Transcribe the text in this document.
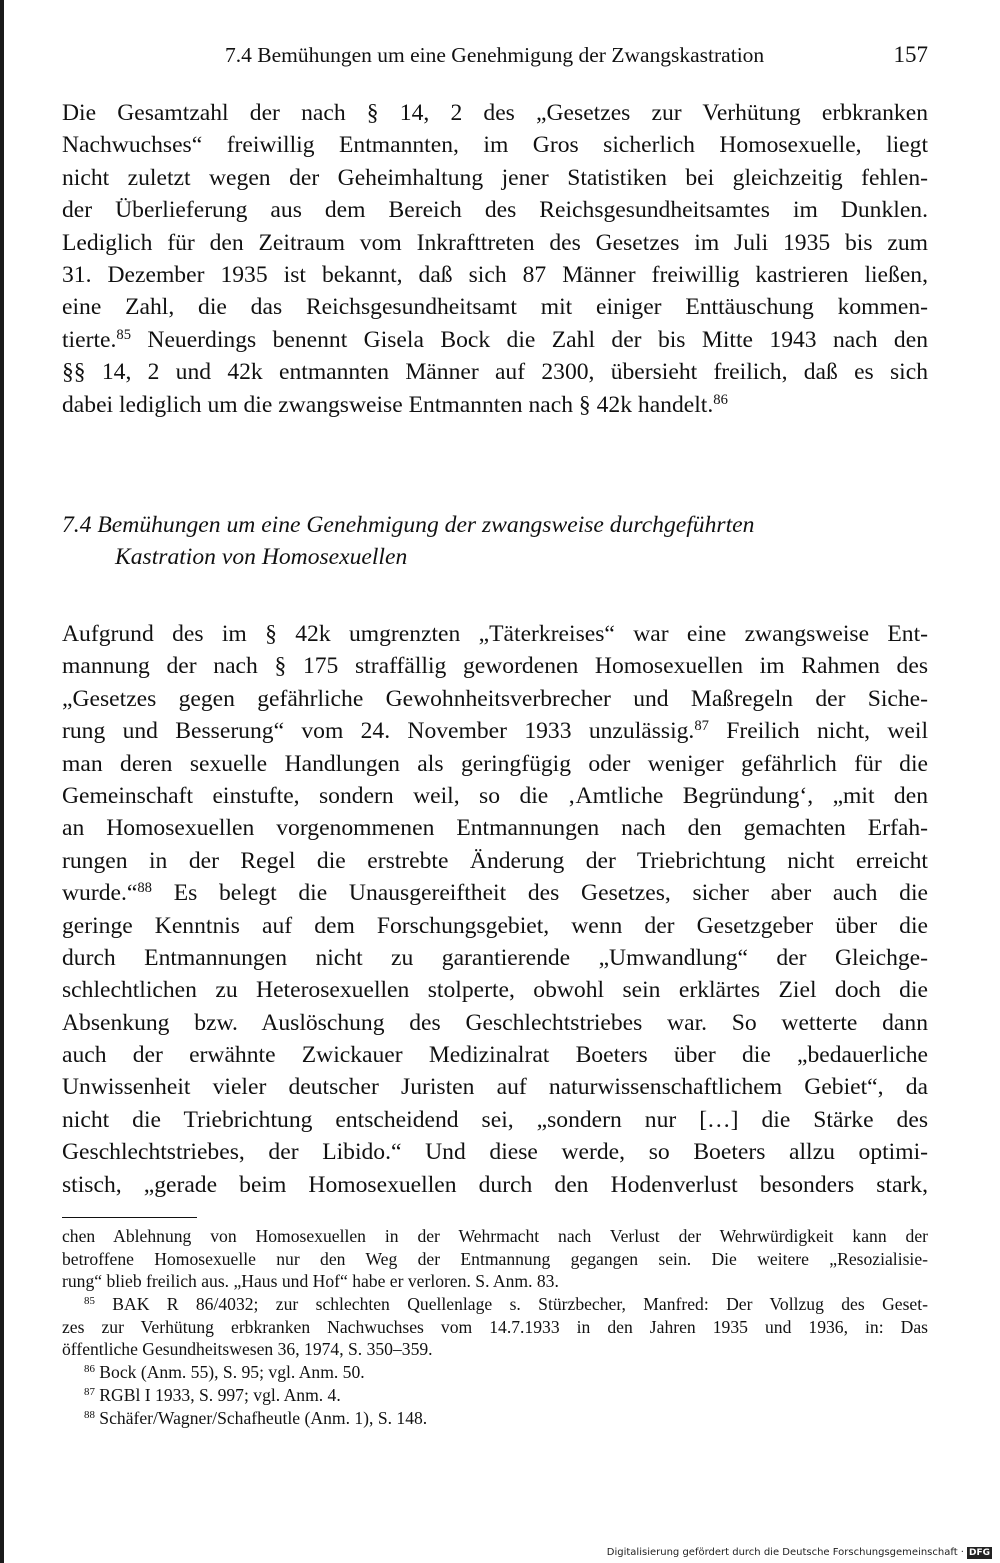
7.4 Bemühungen um eine Genehmigung der Zwangskastration	157
Die Gesamtzahl der nach § 14, 2 des „Gesetzes zur Verhütung erbkranken
Nachwuchses“ freiwillig Entmannten, im Gros sicherlich Homosexuelle, liegt
nicht zuletzt wegen der Geheimhaltung jener Statistiken bei gleichzeitig fehlen-
der Überlieferung aus dem Bereich des Reichsgesundheitsamtes im Dunklen.
Lediglich für den Zeitraum vom Inkrafttreten des Gesetzes im Juli 1935 bis zum
31. Dezember 1935 ist bekannt, daß sich 87 Männer freiwillig kastrieren ließen,
eine Zahl, die das Reichsgesundheitsamt mit einiger Enttäuschung kommen-
tierte.$^{85}$ Neuerdings benennt Gisela Bock die Zahl der bis Mitte 1943 nach den
§§ 14, 2 und 42k entmannten Männer auf 2300, übersieht freilich, daß es sich
dabei lediglich um die zwangsweise Entmannten nach § 42k handelt.$^{86}$
7.4 Bemühungen um eine Genehmigung der zwangsweise durchgeführten
Kastration von Homosexuellen
Aufgrund des im § 42k umgrenzten „Täterkreises“ war eine zwangsweise Ent-
mannung der nach § 175 straffällig gewordenen Homosexuellen im Rahmen des
„Gesetzes gegen gefährliche Gewohnheitsverbrecher und Maßregeln der Siche-
rung und Besserung“ vom 24. November 1933 unzulässig.$^{87}$ Freilich nicht, weil
man deren sexuelle Handlungen als geringfügig oder weniger gefährlich für die
Gemeinschaft einstufte, sondern weil, so die ‚Amtliche Begründung‘, „mit den
an Homosexuellen vorgenommenen Entmannungen nach den gemachten Erfah-
rungen in der Regel die erstrebte Änderung der Triebrichtung nicht erreicht
wurde.“$^{88}$ Es belegt die Unausgereiftheit des Gesetzes, sicher aber auch die
geringe Kenntnis auf dem Forschungsgebiet, wenn der Gesetzgeber über die
durch Entmannungen nicht zu garantierende „Umwandlung“ der Gleichge-
schlechtlichen zu Heterosexuellen stolperte, obwohl sein erklärtes Ziel doch die
Absenkung bzw. Auslöschung des Geschlechtstriebes war. So wetterte dann
auch der erwähnte Zwickauer Medizinalrat Boeters über die „bedauerliche
Unwissenheit vieler deutscher Juristen auf naturwissenschaftlichem Gebiet“, da
nicht die Triebrichtung entscheidend sei, „sondern nur […] die Stärke des
Geschlechtstriebes, der Libido.“ Und diese werde, so Boeters allzu optimi-
stisch, „gerade beim Homosexuellen durch den Hodenverlust besonders stark,
chen Ablehnung von Homosexuellen in der Wehrmacht nach Verlust der Wehrwürdigkeit kann der
betroffene Homosexuelle nur den Weg der Entmannung gegangen sein. Die weitere „Resozialisie-
rung“ blieb freilich aus. „Haus und Hof“ habe er verloren. S. Anm. 83.
$^{85}$ BAK R 86/4032; zur schlechten Quellenlage s. Stürzbecher, Manfred: Der Vollzug des Geset-
zes zur Verhütung erbkranken Nachwuchses vom 14.7.1933 in den Jahren 1935 und 1936, in: Das
öffentliche Gesundheitswesen 36, 1974, S. 350–359.
$^{86}$ Bock (Anm. 55), S. 95; vgl. Anm. 50.
$^{87}$ RGBl I 1933, S. 997; vgl. Anm. 4.
$^{88}$ Schäfer/Wagner/Schafheutle (Anm. 1), S. 148.
Digitalisierung gefördert durch die Deutsche Forschungsgemeinschaft · DFG
